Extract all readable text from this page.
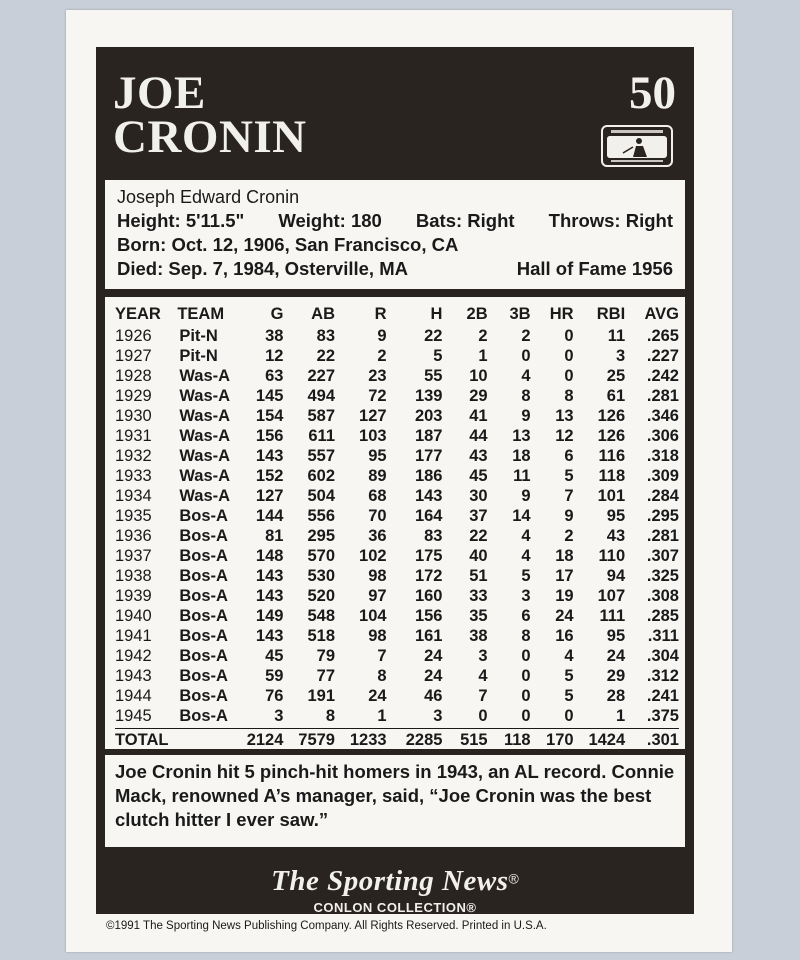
JOE
CRONIN
50
Joseph Edward Cronin
Height: 5'11.5" Weight: 180 Bats: Right Throws: Right
Born: Oct. 12, 1906, San Francisco, CA
Died: Sep. 7, 1984, Osterville, MA	Hall of Fame 1956
YEAR	TEAM	G	AB	R	H	2B	3B	HR	RBI	AVG
1926	Pit-N	38	83	9	22	2	2	0	11	.265
1927	Pit-N	12	22	2	5	1	0	0	3	.227
1928	Was-A	63	227	23	55	10	4	0	25	.242
1929	Was-A	145	494	72	139	29	8	8	61	.281
1930	Was-A	154	587	127	203	41	9	13	126	.346
1931	Was-A	156	611	103	187	44	13	12	126	.306
1932	Was-A	143	557	95	177	43	18	6	116	.318
1933	Was-A	152	602	89	186	45	11	5	118	.309
1934	Was-A	127	504	68	143	30	9	7	101	.284
1935	Bos-A	144	556	70	164	37	14	9	95	.295
1936	Bos-A	81	295	36	83	22	4	2	43	.281
1937	Bos-A	148	570	102	175	40	4	18	110	.307
1938	Bos-A	143	530	98	172	51	5	17	94	.325
1939	Bos-A	143	520	97	160	33	3	19	107	.308
1940	Bos-A	149	548	104	156	35	6	24	111	.285
1941	Bos-A	143	518	98	161	38	8	16	95	.311
1942	Bos-A	45	79	7	24	3	0	4	24	.304
1943	Bos-A	59	77	8	24	4	0	5	29	.312
1944	Bos-A	76	191	24	46	7	0	5	28	.241
1945	Bos-A	3	8	1	3	0	0	0	1	.375

TOTAL		2124	7579	1233	2285	515	118	170	1424	.301
Joe Cronin hit 5 pinch-hit homers in 1943, an AL record. Connie Mack, renowned A’s manager, said, “Joe Cronin was the best clutch hitter I ever saw.”
The Sporting News®
CONLON COLLECTION®
©1991 The Sporting News Publishing Company. All Rights Reserved. Printed in U.S.A.
